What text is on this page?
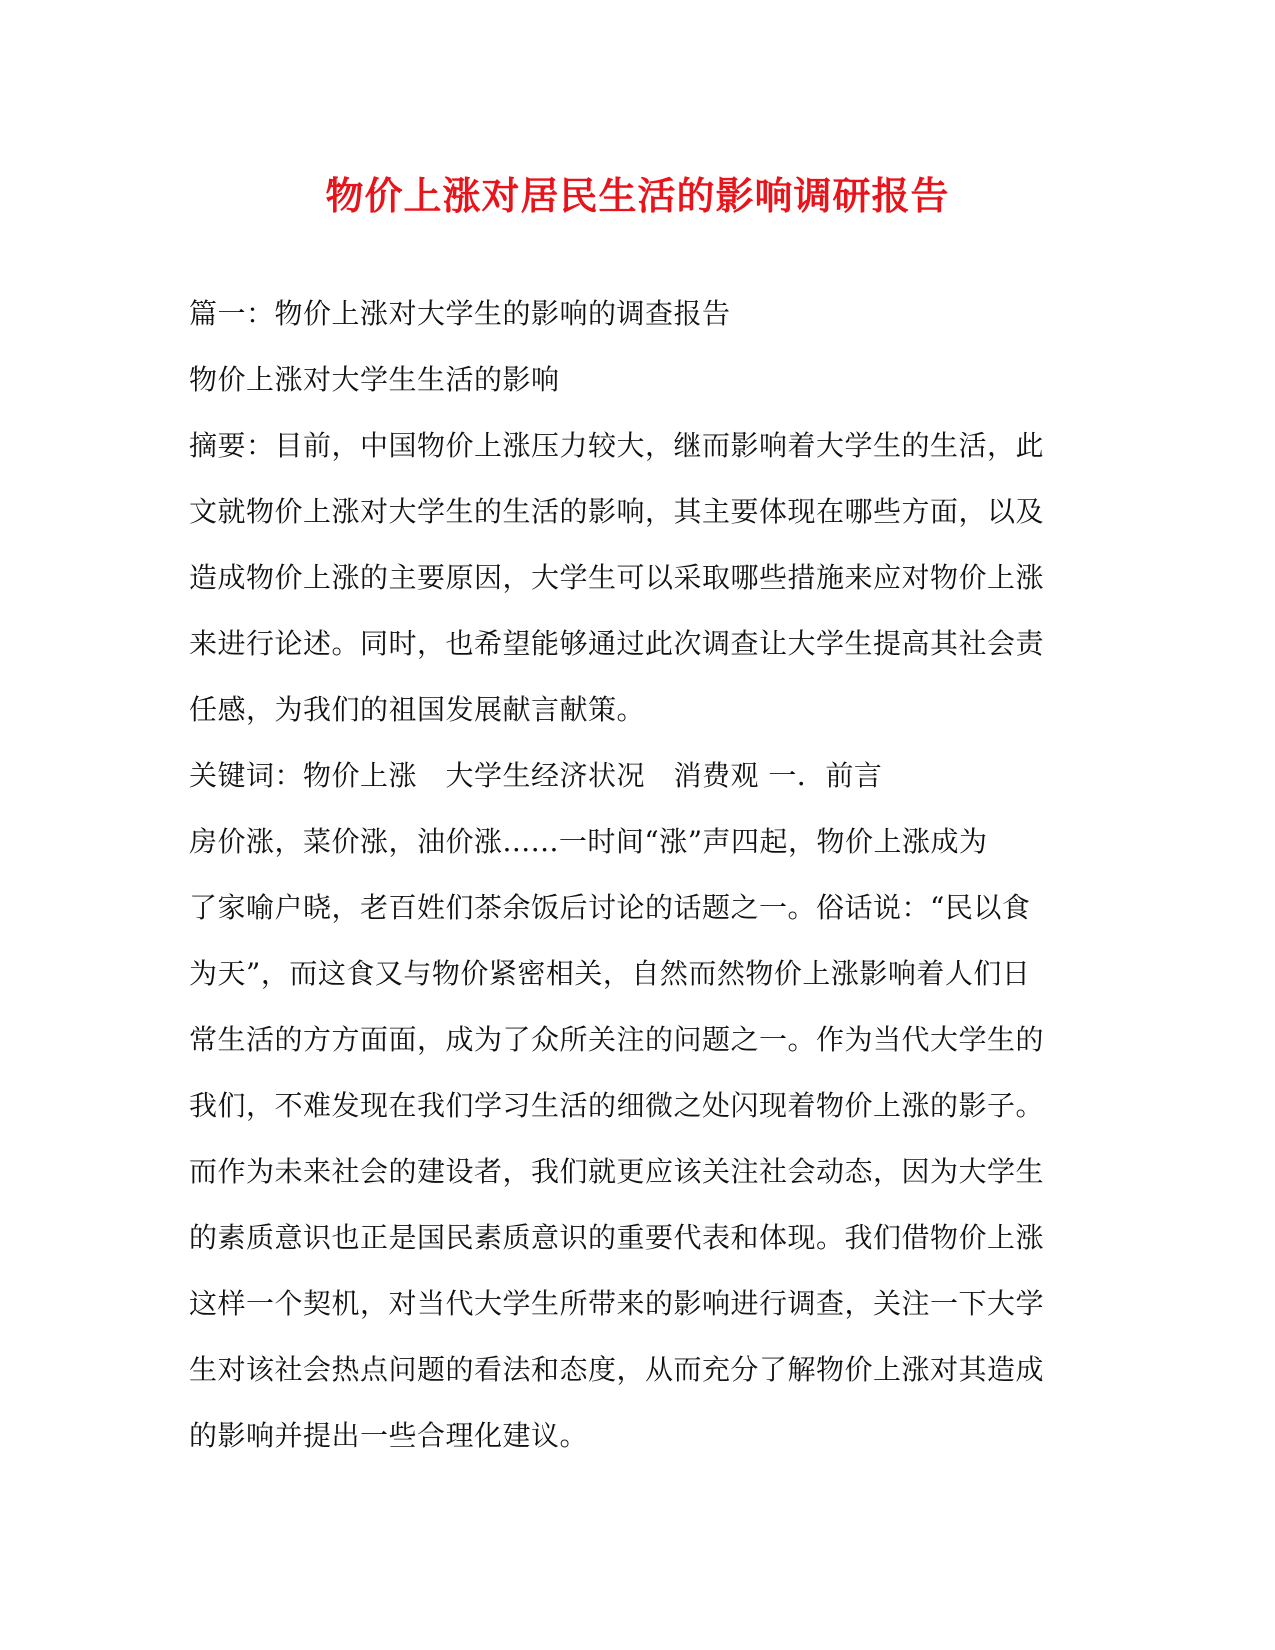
物价上涨对居民生活的影响调研报告
篇一：物价上涨对大学生的影响的调查报告
物价上涨对大学生生活的影响
摘要：目前，中国物价上涨压力较大，继而影响着大学生的生活，此
文就物价上涨对大学生的生活的影响，其主要体现在哪些方面，以及
造成物价上涨的主要原因，大学生可以采取哪些措施来应对物价上涨
来进行论述。同时，也希望能够通过此次调查让大学生提高其社会责
任感，为我们的祖国发展献言献策。
关键词：物价上涨　大学生经济状况　消费观 一．前言
房价涨，菜价涨，油价涨......一时间“涨”声四起，物价上涨成为
了家喻户晓，老百姓们茶余饭后讨论的话题之一。俗话说：“民以食
为天”，而这食又与物价紧密相关，自然而然物价上涨影响着人们日
常生活的方方面面，成为了众所关注的问题之一。作为当代大学生的
我们，不难发现在我们学习生活的细微之处闪现着物价上涨的影子。
而作为未来社会的建设者，我们就更应该关注社会动态，因为大学生
的素质意识也正是国民素质意识的重要代表和体现。我们借物价上涨
这样一个契机，对当代大学生所带来的影响进行调查，关注一下大学
生对该社会热点问题的看法和态度，从而充分了解物价上涨对其造成
的影响并提出一些合理化建议。
